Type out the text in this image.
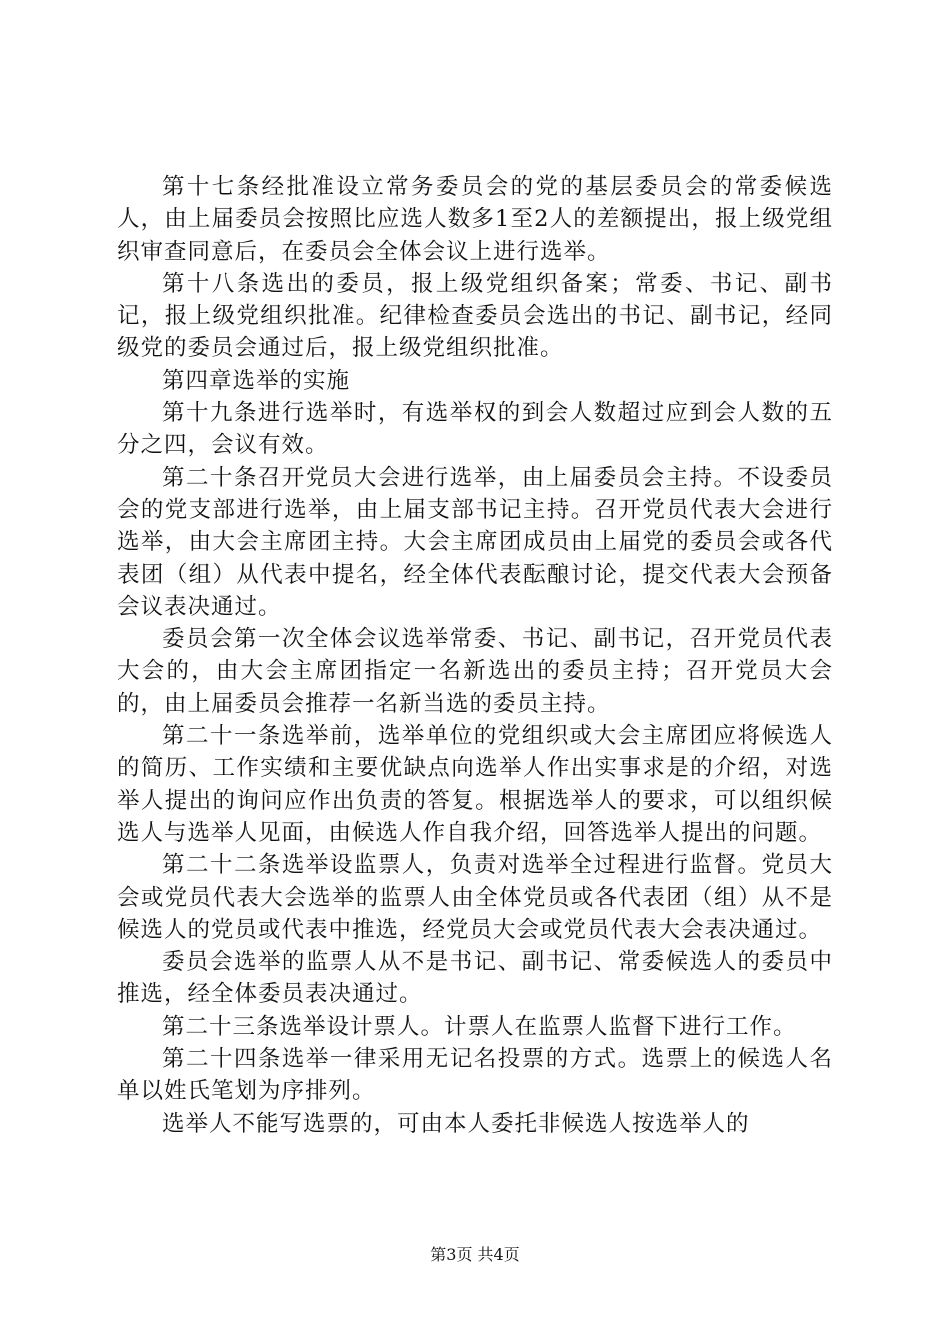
第十七条经批准设立常务委员会的党的基层委员会的常委候选人，由上届委员会按照比应选人数多1至2人的差额提出，报上级党组织审查同意后，在委员会全体会议上进行选举。

第十八条选出的委员，报上级党组织备案；常委、书记、副书记，报上级党组织批准。纪律检查委员会选出的书记、副书记，经同级党的委员会通过后，报上级党组织批准。

第四章选举的实施

第十九条进行选举时，有选举权的到会人数超过应到会人数的五分之四，会议有效。

第二十条召开党员大会进行选举，由上届委员会主持。不设委员会的党支部进行选举，由上届支部书记主持。召开党员代表大会进行选举，由大会主席团主持。大会主席团成员由上届党的委员会或各代表团（组）从代表中提名，经全体代表酝酿讨论，提交代表大会预备会议表决通过。

委员会第一次全体会议选举常委、书记、副书记，召开党员代表大会的，由大会主席团指定一名新选出的委员主持；召开党员大会的，由上届委员会推荐一名新当选的委员主持。

第二十一条选举前，选举单位的党组织或大会主席团应将候选人的简历、工作实绩和主要优缺点向选举人作出实事求是的介绍，对选举人提出的询问应作出负责的答复。根据选举人的要求，可以组织候选人与选举人见面，由候选人作自我介绍，回答选举人提出的问题。

第二十二条选举设监票人，负责对选举全过程进行监督。党员大会或党员代表大会选举的监票人由全体党员或各代表团（组）从不是候选人的党员或代表中推选，经党员大会或党员代表大会表决通过。

委员会选举的监票人从不是书记、副书记、常委候选人的委员中推选，经全体委员表决通过。

第二十三条选举设计票人。计票人在监票人监督下进行工作。

第二十四条选举一律采用无记名投票的方式。选票上的候选人名单以姓氏笔划为序排列。

选举人不能写选票的，可由本人委托非候选人按选举人的

第3页 共4页
